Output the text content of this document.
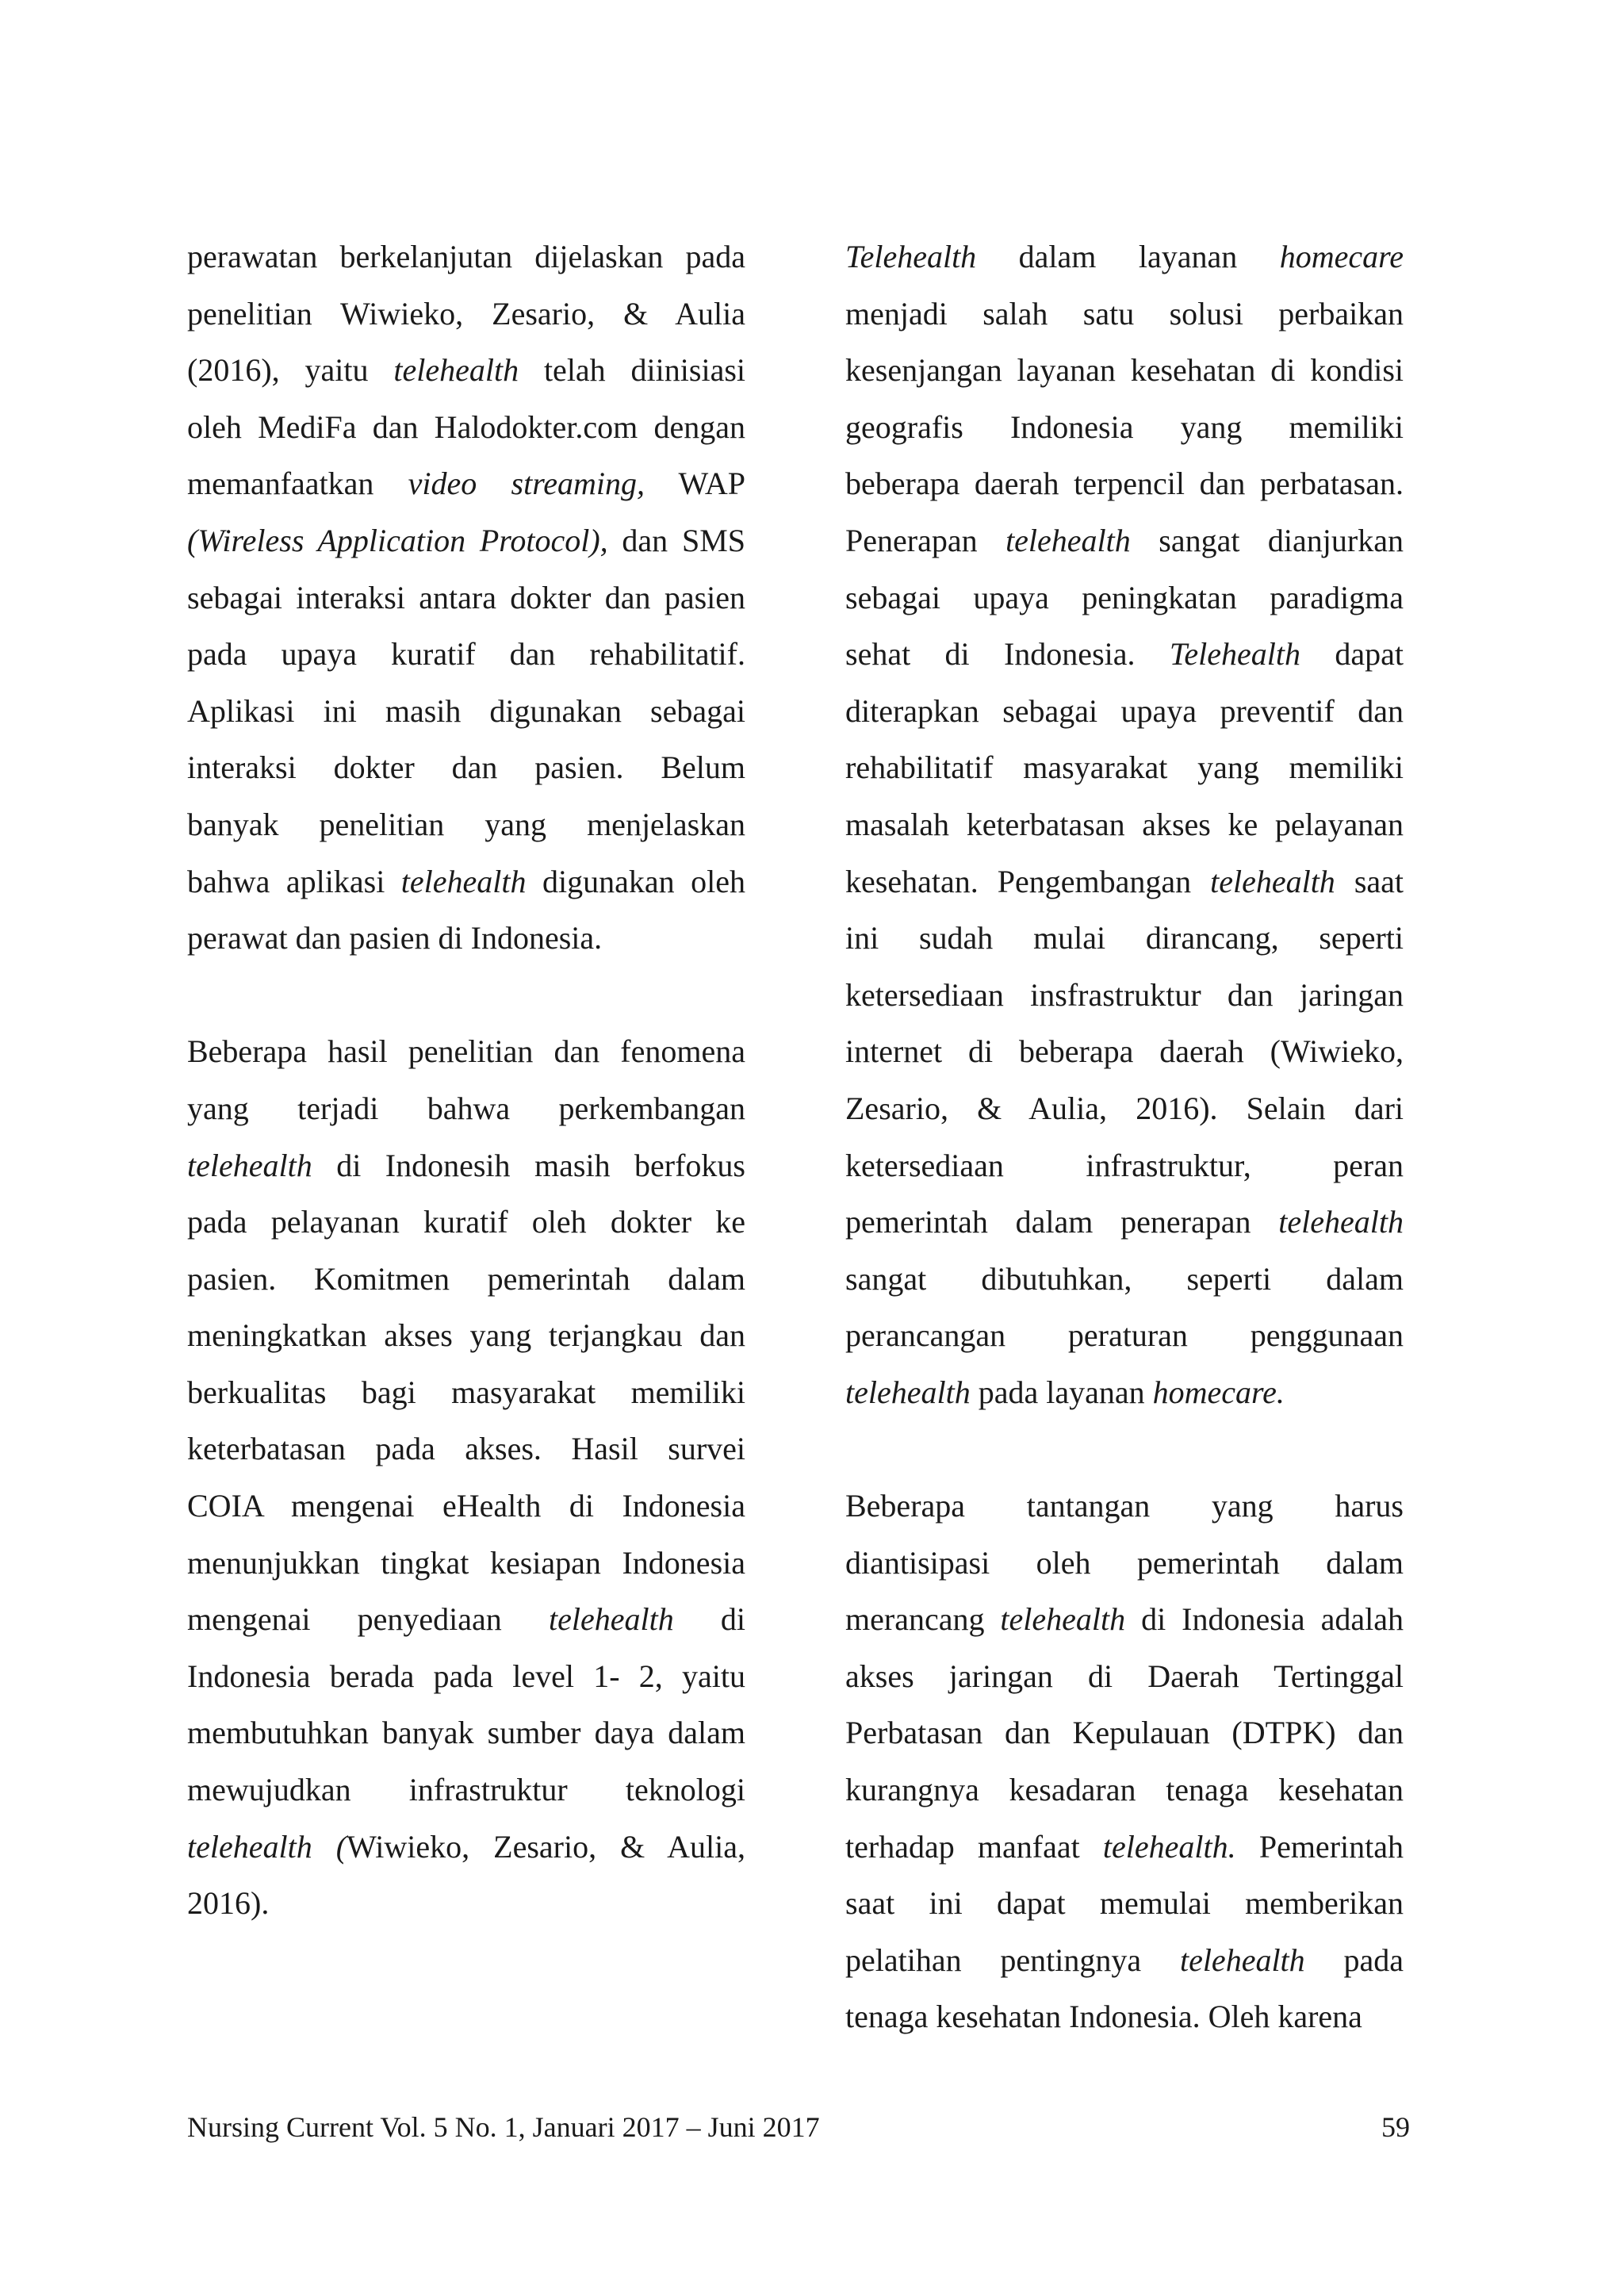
perawatan berkelanjutan dijelaskan pada
penelitian Wiwieko, Zesario, & Aulia
(2016), yaitu telehealth telah diinisiasi
oleh MediFa dan Halodokter.com dengan
memanfaatkan video streaming, WAP
(Wireless Application Protocol), dan SMS
sebagai interaksi antara dokter dan pasien
pada upaya kuratif dan rehabilitatif.
Aplikasi ini masih digunakan sebagai
interaksi dokter dan pasien. Belum
banyak penelitian yang menjelaskan
bahwa aplikasi telehealth digunakan oleh
perawat dan pasien di Indonesia.

Beberapa hasil penelitian dan fenomena
yang terjadi bahwa perkembangan
telehealth di Indonesih masih berfokus
pada pelayanan kuratif oleh dokter ke
pasien. Komitmen pemerintah dalam
meningkatkan akses yang terjangkau dan
berkualitas bagi masyarakat memiliki
keterbatasan pada akses. Hasil survei
COIA mengenai eHealth di Indonesia
menunjukkan tingkat kesiapan Indonesia
mengenai penyediaan telehealth di
Indonesia berada pada level 1- 2, yaitu
membutuhkan banyak sumber daya dalam
mewujudkan infrastruktur teknologi
telehealth (Wiwieko, Zesario, & Aulia,
2016).

Telehealth dalam layanan homecare
menjadi salah satu solusi perbaikan
kesenjangan layanan kesehatan di kondisi
geografis Indonesia yang memiliki
beberapa daerah terpencil dan perbatasan.
Penerapan telehealth sangat dianjurkan
sebagai upaya peningkatan paradigma
sehat di Indonesia. Telehealth dapat
diterapkan sebagai upaya preventif dan
rehabilitatif masyarakat yang memiliki
masalah keterbatasan akses ke pelayanan
kesehatan. Pengembangan telehealth saat
ini sudah mulai dirancang, seperti
ketersediaan insfrastruktur dan jaringan
internet di beberapa daerah (Wiwieko,
Zesario, & Aulia, 2016). Selain dari
ketersediaan infrastruktur, peran
pemerintah dalam penerapan telehealth
sangat dibutuhkan, seperti dalam
perancangan peraturan penggunaan
telehealth pada layanan homecare.

Beberapa tantangan yang harus
diantisipasi oleh pemerintah dalam
merancang telehealth di Indonesia adalah
akses jaringan di Daerah Tertinggal
Perbatasan dan Kepulauan (DTPK) dan
kurangnya kesadaran tenaga kesehatan
terhadap manfaat telehealth. Pemerintah
saat ini dapat memulai memberikan
pelatihan pentingnya telehealth pada
tenaga kesehatan Indonesia. Oleh karena

Nursing Current Vol. 5 No. 1, Januari 2017 – Juni 2017	59
